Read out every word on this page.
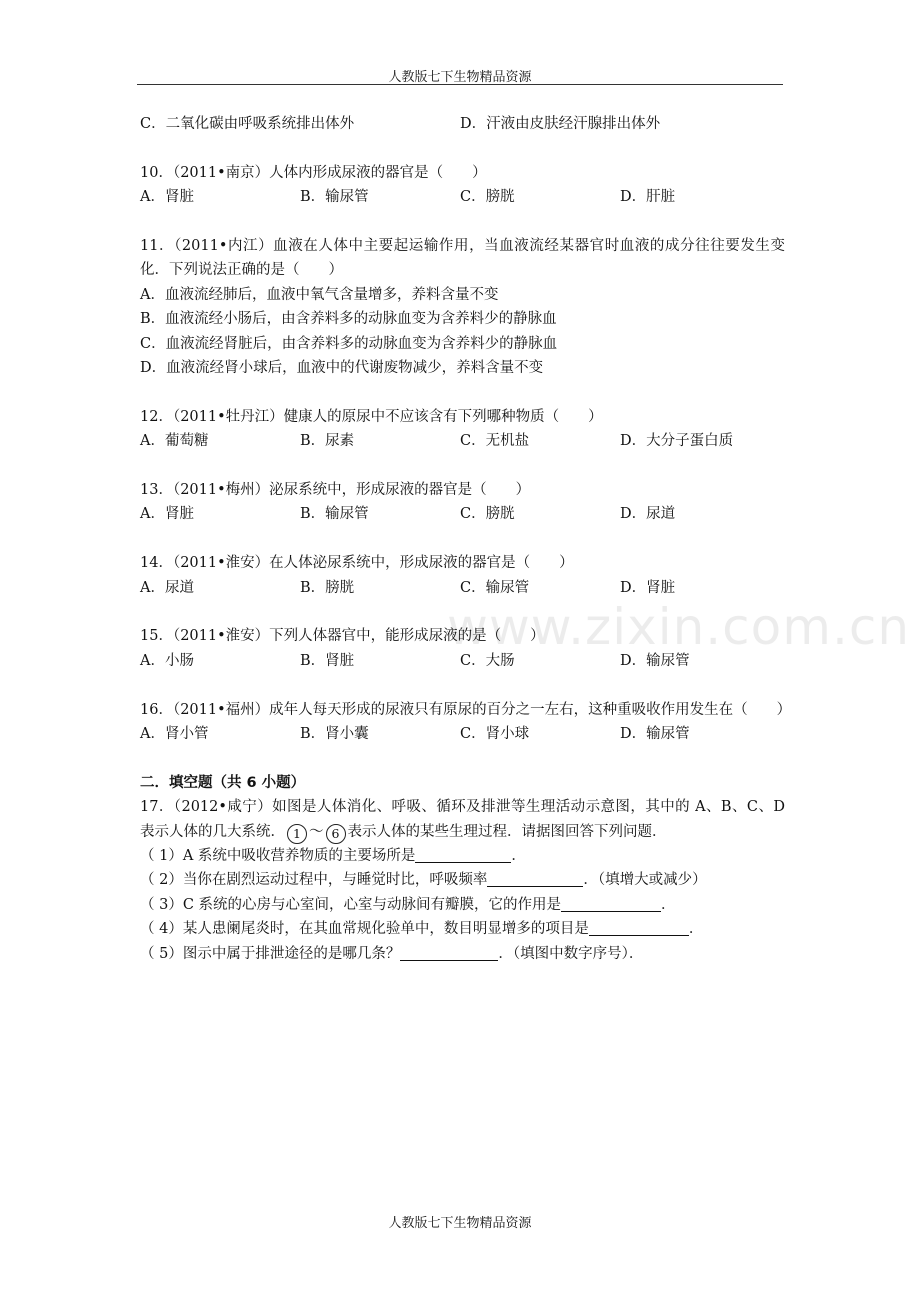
人教版七下生物精品资源
www.zixin.com.cn
C．二氧化碳由呼吸系统排出体外	D．汗液由皮肤经汗腺排出体外
10．（2011•南京）人体内形成尿液的器官是（　　）
A．肾脏	B．输尿管	C．膀胱	D．肝脏
11．（2011•内江）血液在人体中主要起运输作用，当血液流经某器官时血液的成分往往要发生变化．下列说法正确的是（　　）
A．血液流经肺后，血液中氧气含量增多，养料含量不变
B．血液流经小肠后，由含养料多的动脉血变为含养料少的静脉血
C．血液流经肾脏后，由含养料多的动脉血变为含养料少的静脉血
D．血液流经肾小球后，血液中的代谢废物减少，养料含量不变
12．（2011•牡丹江）健康人的原尿中不应该含有下列哪种物质（　　）
A．葡萄糖	B．尿素	C．无机盐	D．大分子蛋白质
13．（2011•梅州）泌尿系统中，形成尿液的器官是（　　）
A．肾脏	B．输尿管	C．膀胱	D．尿道
14．（2011•淮安）在人体泌尿系统中，形成尿液的器官是（　　）
A．尿道	B．膀胱	C．输尿管	D．肾脏
15．（2011•淮安）下列人体器官中，能形成尿液的是（　　）
A．小肠	B．肾脏	C．大肠	D．输尿管
16．（2011•福州）成年人每天形成的尿液只有原尿的百分之一左右，这种重吸收作用发生在（　　）
A．肾小管	B．肾小囊	C．肾小球	D．输尿管
二．填空题（共 6 小题）
17．（2012•咸宁）如图是人体消化、呼吸、循环及排泄等生理活动示意图，其中的 A、B、C、D 表示人体的几大系统． 1 ～ 6 表示人体的某些生理过程．请据图回答下列问题．
（ 1）A 系统中吸收营养物质的主要场所是	．
（ 2）当你在剧烈运动过程中，与睡觉时比，呼吸频率	．（填增大或减少）
（ 3）C 系统的心房与心室间，心室与动脉间有瓣膜，它的作用是	．
（ 4）某人患阑尾炎时，在其血常规化验单中，数目明显增多的项目是	．
（ 5）图示中属于排泄途径的是哪几条？	．（填图中数字序号）．
人教版七下生物精品资源
